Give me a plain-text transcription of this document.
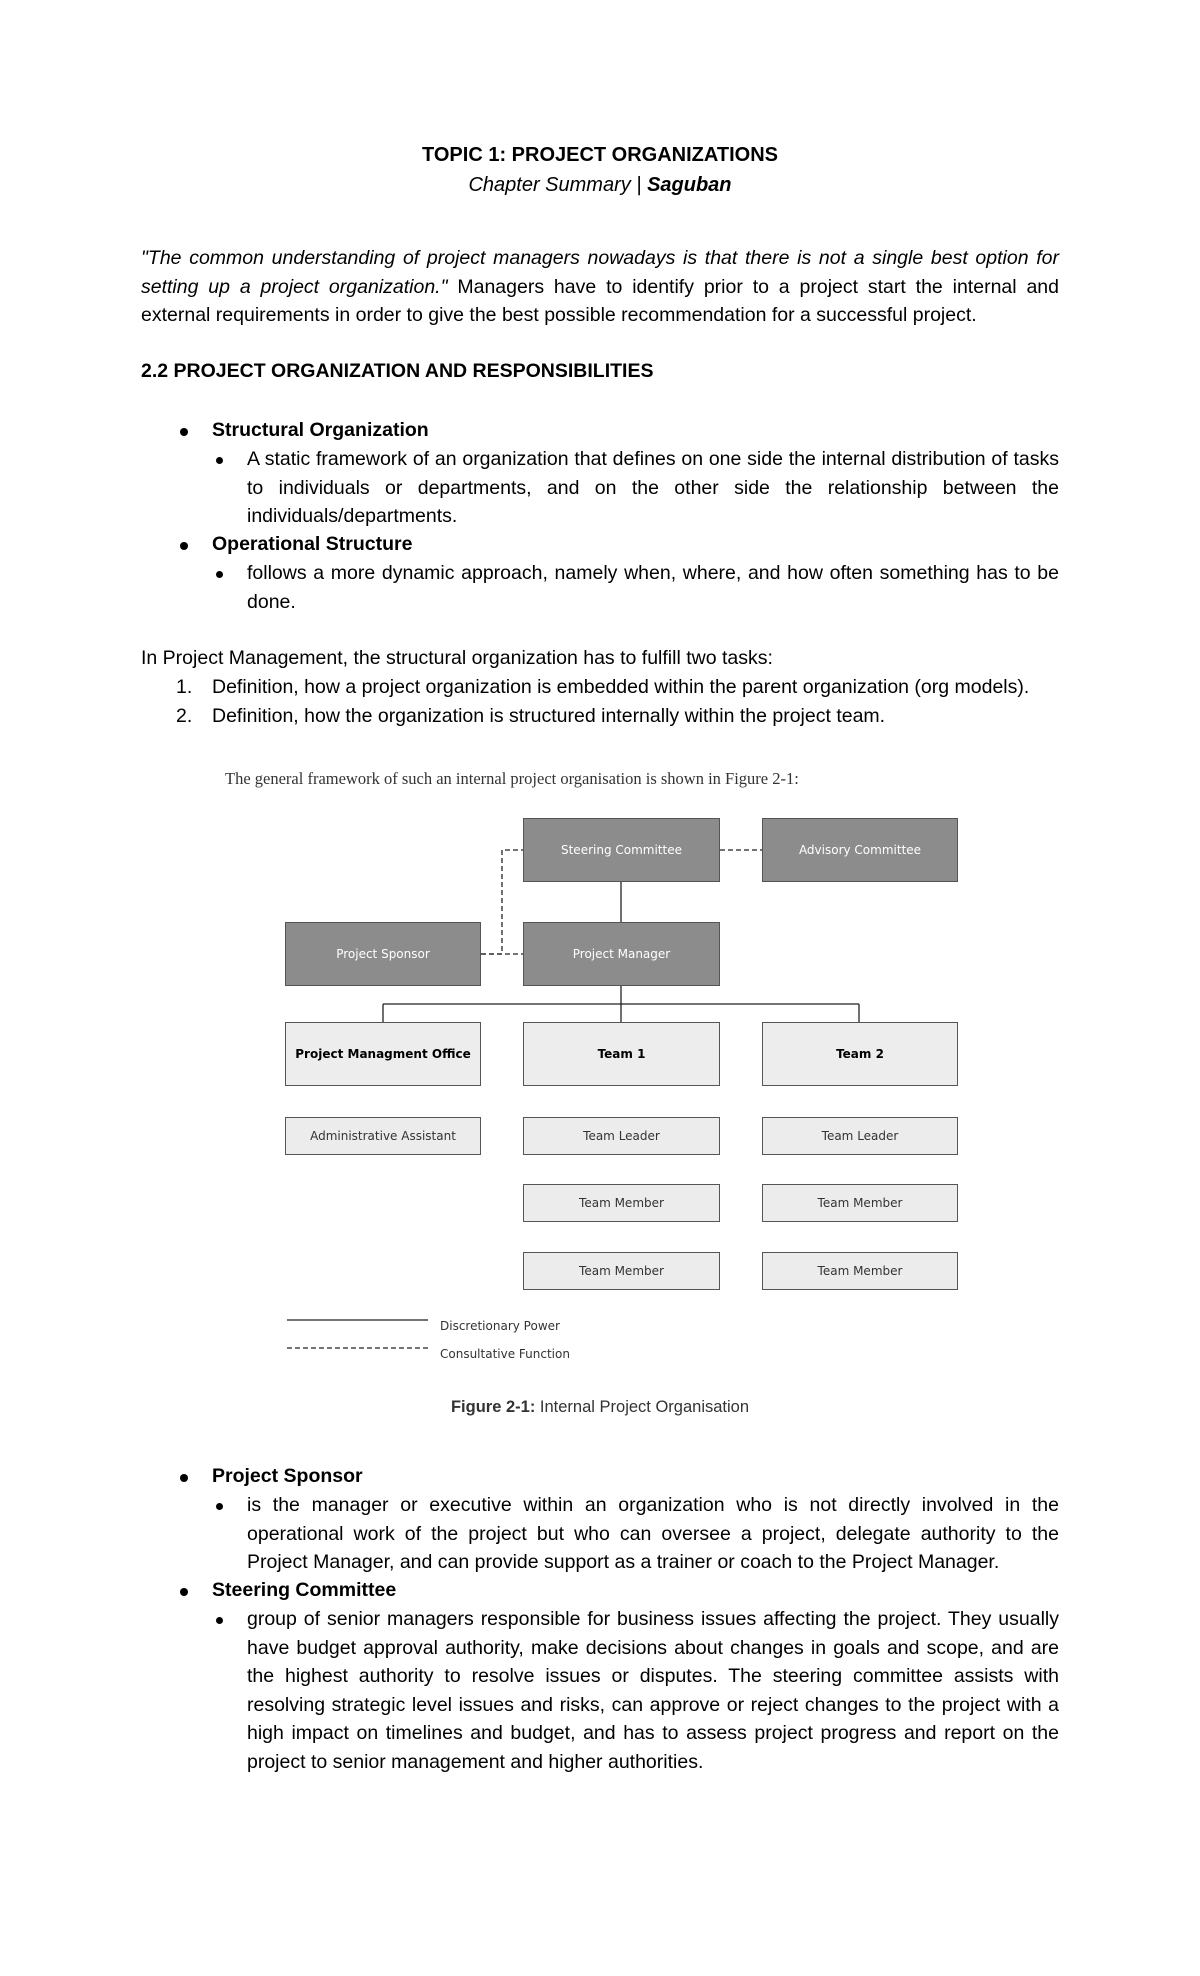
TOPIC 1: PROJECT ORGANIZATIONS
Chapter Summary | Saguban
"The common understanding of project managers nowadays is that there is not a single best option for setting up a project organization." Managers have to identify prior to a project start the internal and external requirements in order to give the best possible recommendation for a successful project.
2.2 PROJECT ORGANIZATION AND RESPONSIBILITIES
Structural Organization
A static framework of an organization that defines on one side the internal distribution of tasks to individuals or departments, and on the other side the relationship between the individuals/departments.
Operational Structure
follows a more dynamic approach, namely when, where, and how often something has to be done.
In Project Management, the structural organization has to fulfill two tasks:
1. Definition, how a project organization is embedded within the parent organization (org models).
2. Definition, how the organization is structured internally within the project team.
The general framework of such an internal project organisation is shown in Figure 2-1:
Steering Committee	Advisory Committee
Project Sponsor	Project Manager
Project Managment Office	Team 1	Team 2
Administrative Assistant	Team Leader	Team Leader
Team Member	Team Member
Team Member	Team Member
Discretionary Power
Consultative Function
Figure 2-1: Internal Project Organisation
Project Sponsor
is the manager or executive within an organization who is not directly involved in the operational work of the project but who can oversee a project, delegate authority to the Project Manager, and can provide support as a trainer or coach to the Project Manager.
Steering Committee
group of senior managers responsible for business issues affecting the project. They usually have budget approval authority, make decisions about changes in goals and scope, and are the highest authority to resolve issues or disputes. The steering committee assists with resolving strategic level issues and risks, can approve or reject changes to the project with a high impact on timelines and budget, and has to assess project progress and report on the project to senior management and higher authorities.
